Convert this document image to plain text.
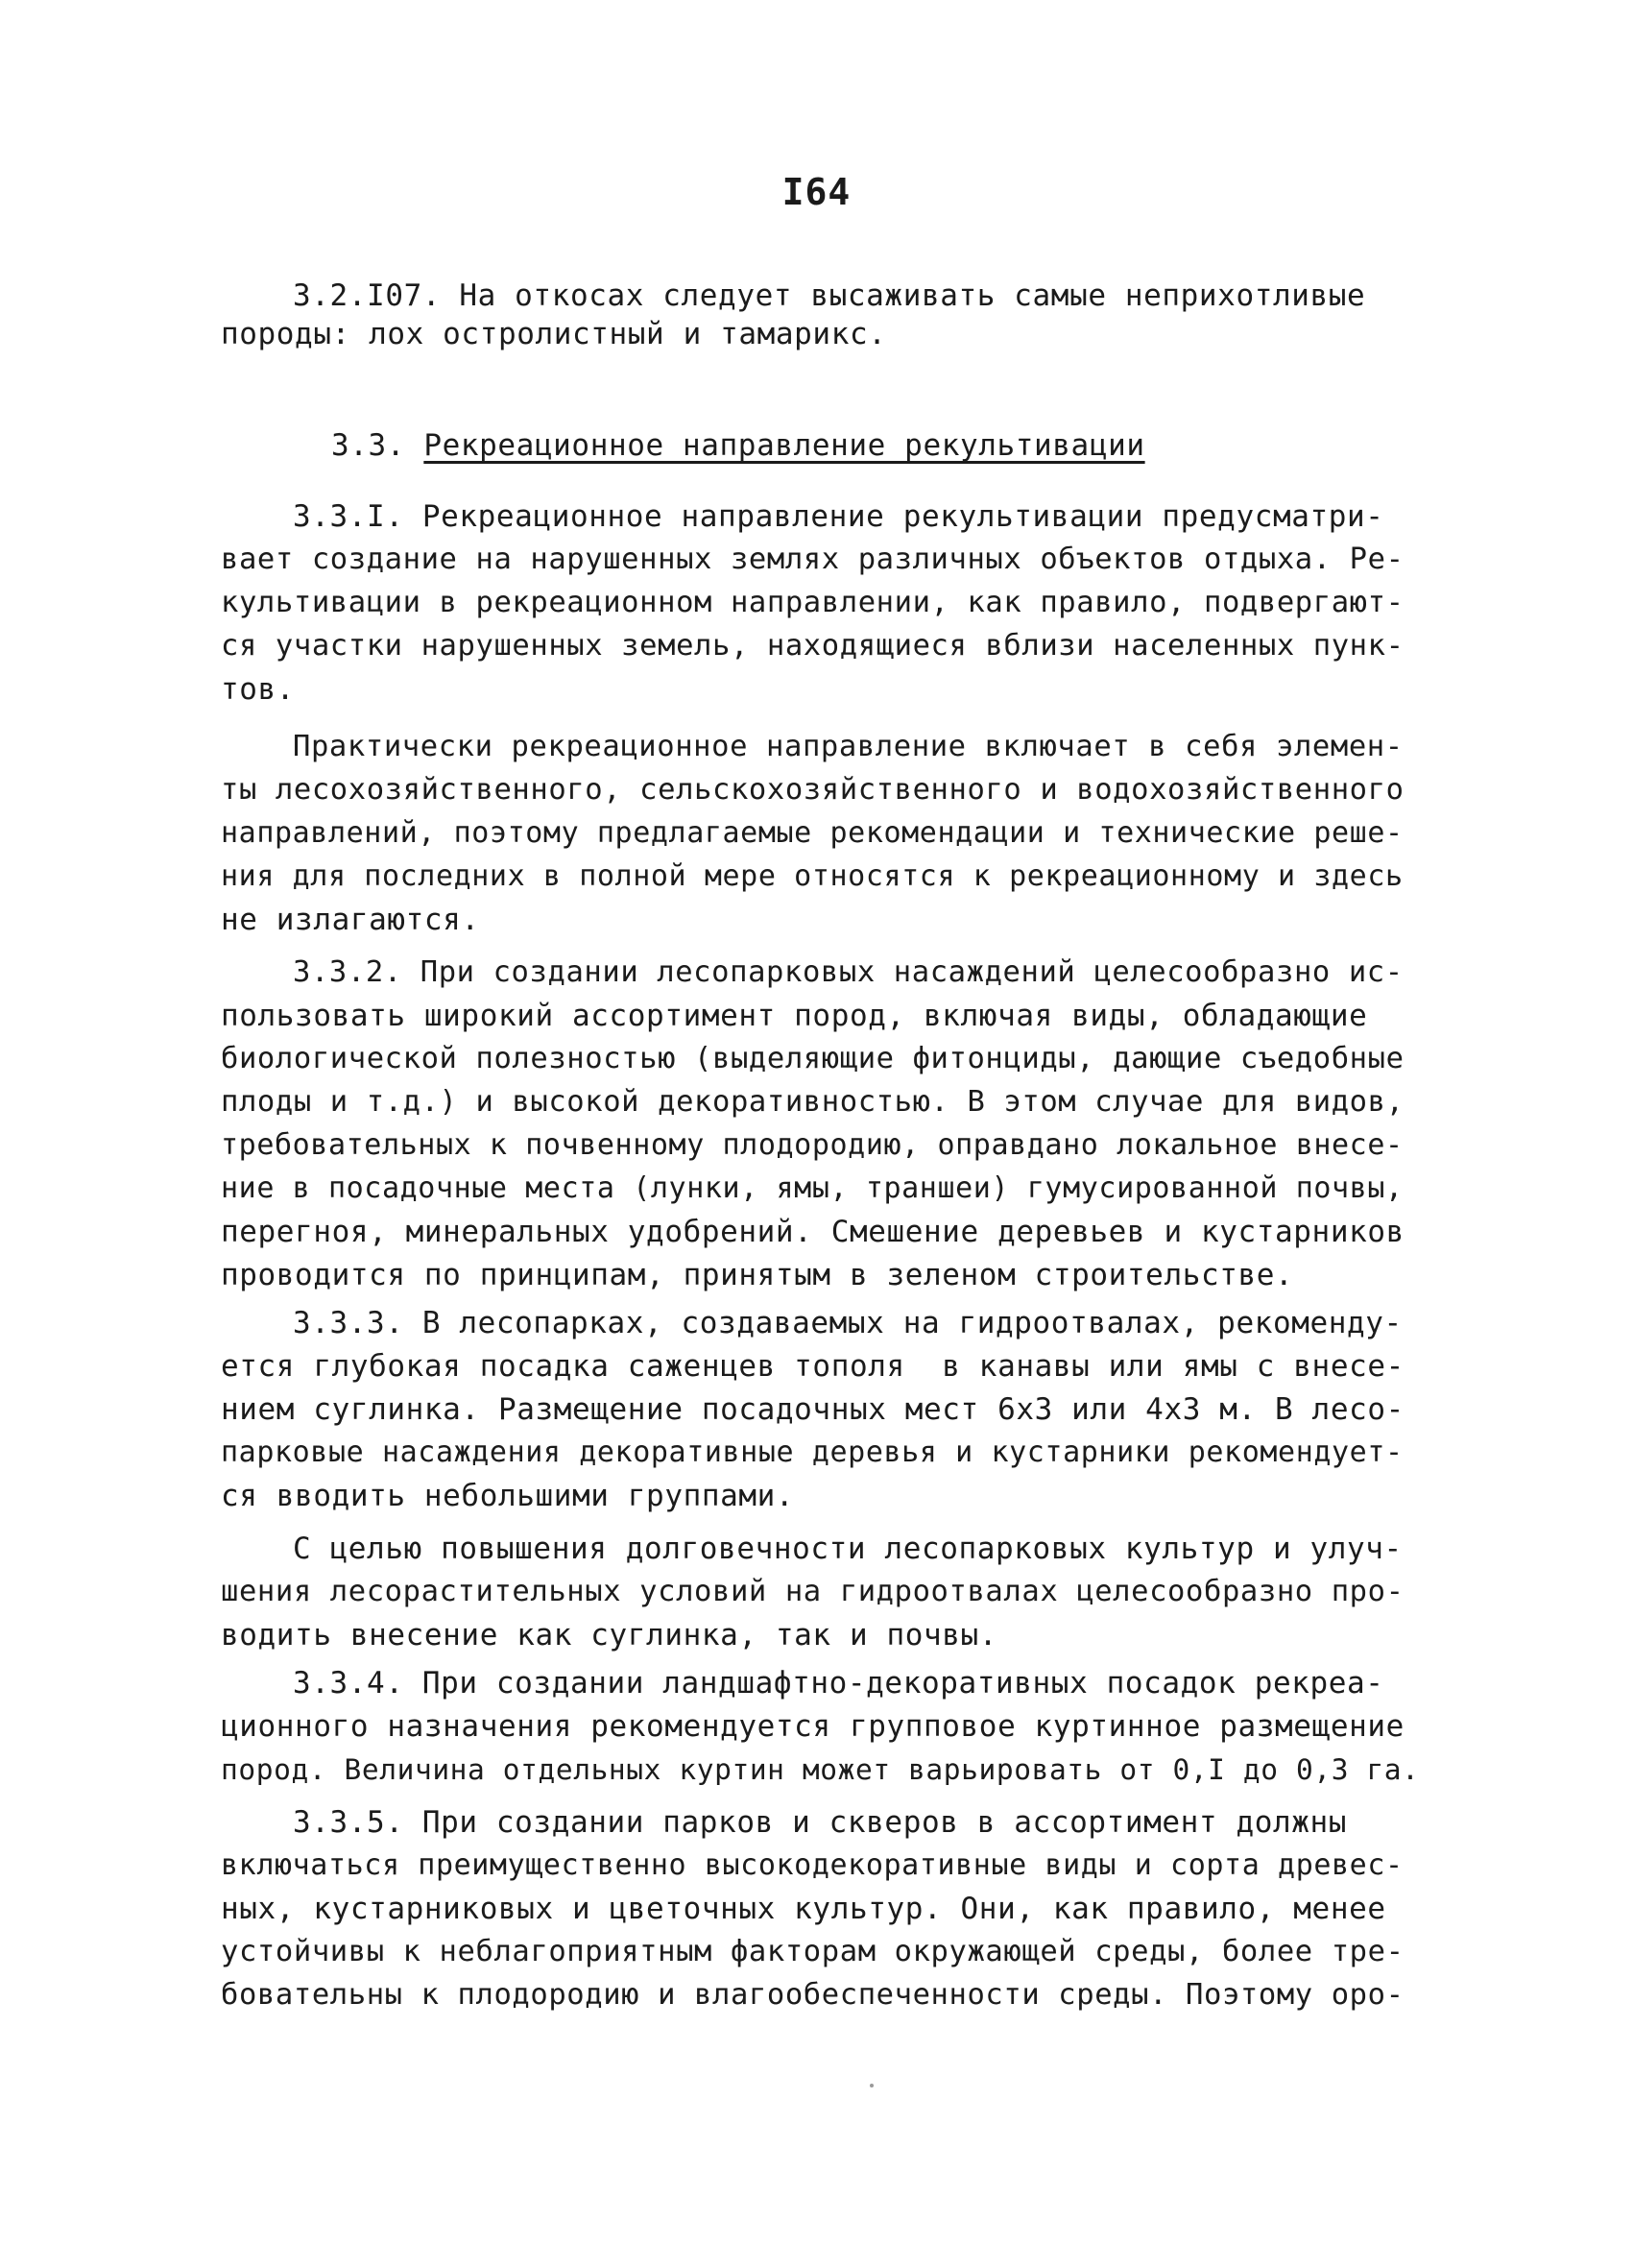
I64
3.2.I07. На откосах следует высаживать самые неприхотливые
породы: лох остролистный и тамарикс.
3.3. Рекреационное направление рекультивации
3.3.I. Рекреационное направление рекультивации предусматри-
вает создание на нарушенных землях различных объектов отдыха. Ре-
культивации в рекреационном направлении, как правило, подвергают-
ся участки нарушенных земель, находящиеся вблизи населенных пунк-
тов.
Практически рекреационное направление включает в себя элемен-
ты лесохозяйственного, сельскохозяйственного и водохозяйственного
направлений, поэтому предлагаемые рекомендации и технические реше-
ния для последних в полной мере относятся к рекреационному и здесь
не излагаются.
3.3.2. При создании лесопарковых насаждений целесообразно ис-
пользовать широкий ассортимент пород, включая виды, обладающие
биологической полезностью (выделяющие фитонциды, дающие съедобные
плоды и т.д.) и высокой декоративностью. В этом случае для видов,
требовательных к почвенному плодородию, оправдано локальное внесе-
ние в посадочные места (лунки, ямы, траншеи) гумусированной почвы,
перегноя, минеральных удобрений. Смешение деревьев и кустарников
проводится по принципам, принятым в зеленом строительстве.
3.3.3. В лесопарках, создаваемых на гидроотвалах, рекоменду-
ется глубокая посадка саженцев тополя  в канавы или ямы с внесе-
нием суглинка. Размещение посадочных мест 6х3 или 4х3 м. В лесо-
парковые насаждения декоративные деревья и кустарники рекомендует-
ся вводить небольшими группами.
С целью повышения долговечности лесопарковых культур и улуч-
шения лесорастительных условий на гидроотвалах целесообразно про-
водить внесение как суглинка, так и почвы.
3.3.4. При создании ландшафтно-декоративных посадок рекреа-
ционного назначения рекомендуется групповое куртинное размещение
пород. Величина отдельных куртин может варьировать от 0,I до 0,3 га.
3.3.5. При создании парков и скверов в ассортимент должны
включаться преимущественно высокодекоративные виды и сорта древес-
ных, кустарниковых и цветочных культур. Они, как правило, менее
устойчивы к неблагоприятным факторам окружающей среды, более тре-
бовательны к плодородию и влагообеспеченности среды. Поэтому оро-
